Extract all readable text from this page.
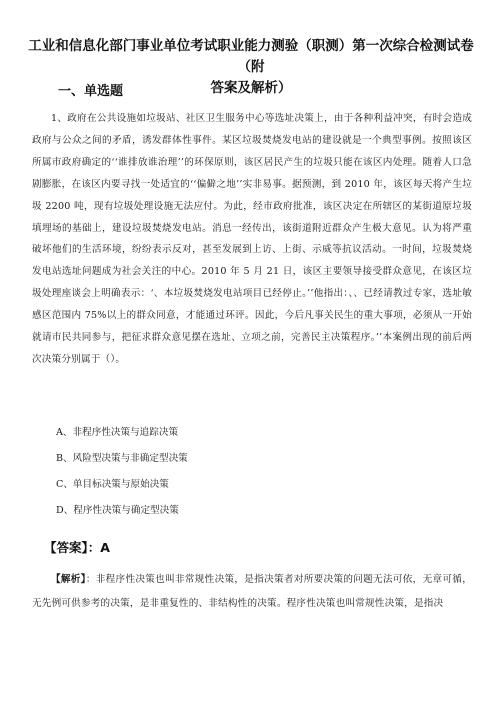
工业和信息化部门事业单位考试职业能力测验（职测）第一次综合检测试卷（附
答案及解析）
一、单选题
1、政府在公共设施如垃圾站、社区卫生服务中心等选址决策上，由于各种利益冲突，有时会造成政府与公众之间的矛盾，诱发群体性事件。某区垃圾焚烧发电站的建设就是一个典型事例。按照该区所属市政府确定的‘‘谁排放谁治理’’的环保原则，该区居民产生的垃圾只能在该区内处理。随着人口急剧膨胀，在该区内要寻找一处适宜的‘‘偏僻之地’’实非易事。据预测，到 2010 年，该区每天将产生垃圾 2200 吨，现有垃圾处理设施无法应付。为此，经市政府批准，该区决定在所辖区的某街道原垃圾填埋场的基础上，建设垃圾焚烧发电站。消息一经传出，该街道附近群众产生极大意见。认为将严重破坏他们的生活环境，纷纷表示反对，甚至发展到上访、上街、示威等抗议活动。一时间，垃圾焚烧发电站选址问题成为社会关注的中心。2010 年 5 月 21 日，该区主要领导接受群众意见，在该区垃圾处理座谈会上明确表示：‘、本垃圾焚烧发电站项目已经停止。’’他指出：、、已经请教过专家，选址敏感区范围内 75%以上的群众同意，才能通过环评。因此，今后凡事关民生的重大事项，必须从一开始就请市民共同参与，把征求群众意见摆在选址、立项之前，完善民主决策程序。’’本案例出现的前后两次决策分别属于（）。
A、非程序性决策与追踪决策
B、风险型决策与非确定型决策
C、单目标决策与原始决策
D、程序性决策与确定型决策
【答案】：A
【解析】：非程序性决策也叫非常规性决策，是指决策者对所要决策的问题无法可依，无章可循，无先例可供参考的决策，是非重复性的、非结构性的决策。程序性决策也叫常规性决策，是指决
